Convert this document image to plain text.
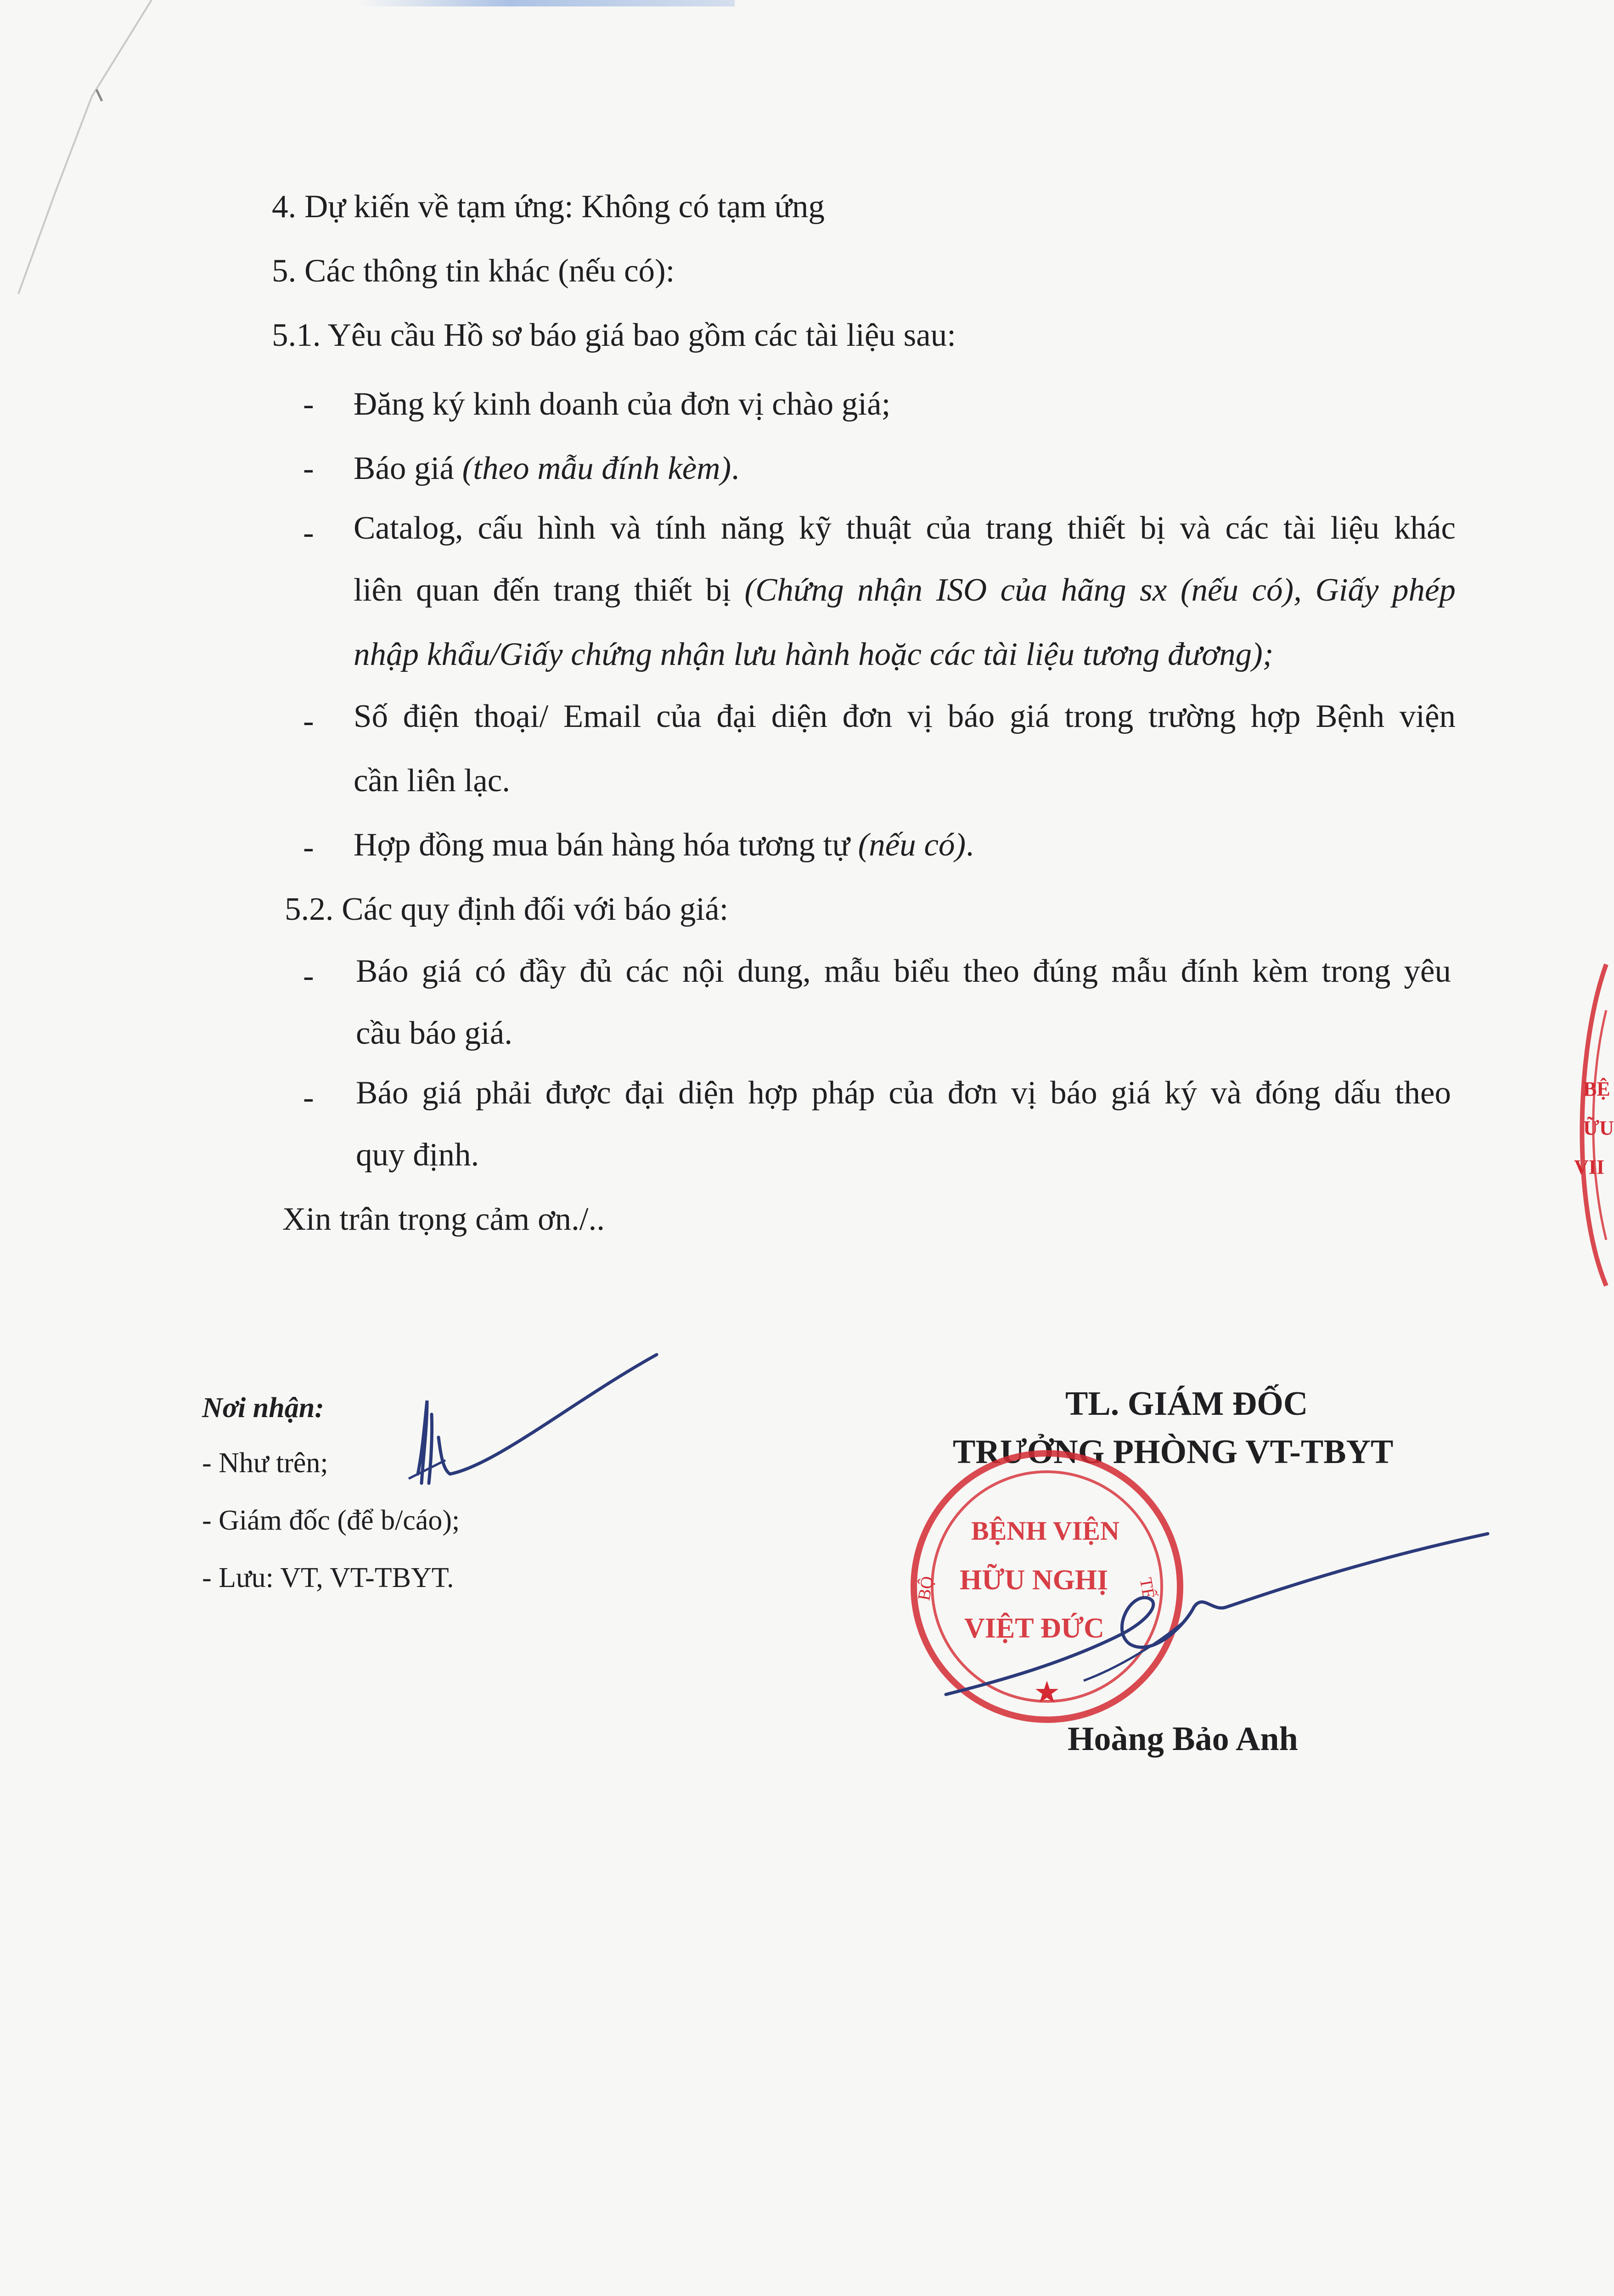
4. Dự kiến về tạm ứng: Không có tạm ứng
5. Các thông tin khác (nếu có):
5.1. Yêu cầu Hồ sơ báo giá bao gồm các tài liệu sau:
- Đăng ký kinh doanh của đơn vị chào giá;
- Báo giá (theo mẫu đính kèm).
- Catalog, cấu hình và tính năng kỹ thuật của trang thiết bị và các tài liệu khác
liên quan đến trang thiết bị (Chứng nhận ISO của hãng sx (nếu có), Giấy phép
nhập khẩu/Giấy chứng nhận lưu hành hoặc các tài liệu tương đương);
- Số điện thoại/ Email của đại diện đơn vị báo giá trong trường hợp Bệnh viện
cần liên lạc.
- Hợp đồng mua bán hàng hóa tương tự (nếu có).
5.2. Các quy định đối với báo giá:
- Báo giá có đầy đủ các nội dung, mẫu biểu theo đúng mẫu đính kèm trong yêu
cầu báo giá.
- Báo giá phải được đại diện hợp pháp của đơn vị báo giá ký và đóng dấu theo
quy định.
Xin trân trọng cảm ơn./..
Nơi nhận:
- Như trên;
- Giám đốc (để b/cáo);
- Lưu: VT, VT-TBYT.
TL. GIÁM ĐỐC
TRƯỞNG PHÒNG VT-TBYT
BỆNH VIỆN
HỮU NGHỊ
VIỆT ĐỨC
BỘ	TẾ
Hoàng Bảo Anh
BỆ
ỮU
VII
